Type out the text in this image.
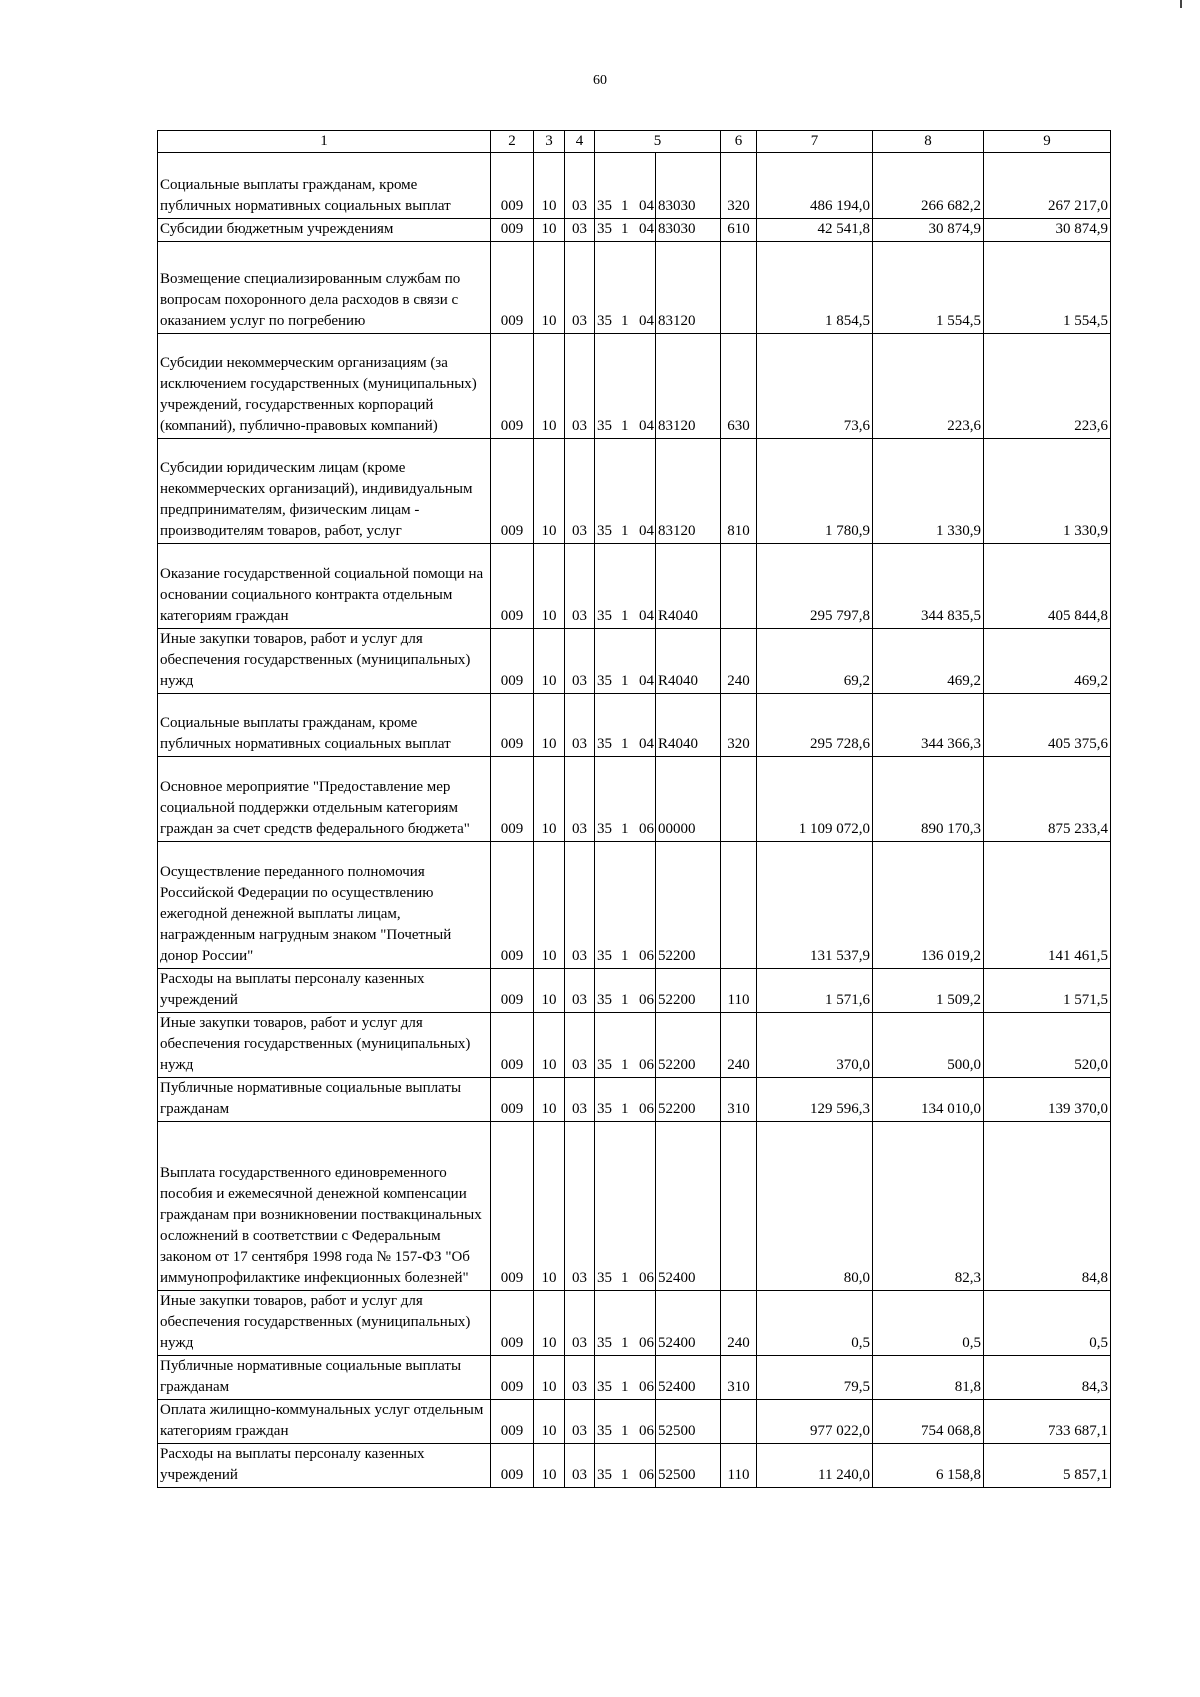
60
1	2	3	4	5		6	7	8	9
Социальные выплаты гражданам, кроме публичных нормативных социальных выплат	009	10	03	35 1 04	83030	320	486 194,0	266 682,2	267 217,0
Субсидии бюджетным учреждениям	009	10	03	35 1 04	83030	610	42 541,8	30 874,9	30 874,9
Возмещение специализированным службам по вопросам похоронного дела расходов в связи с оказанием услуг по погребению	009	10	03	35 1 04	83120		1 854,5	1 554,5	1 554,5
Субсидии некоммерческим организациям (за исключением государственных (муниципальных) учреждений, государственных корпораций (компаний), публично-правовых компаний)	009	10	03	35 1 04	83120	630	73,6	223,6	223,6
Субсидии юридическим лицам (кроме некоммерческих организаций), индивидуальным предпринимателям, физическим лицам - производителям товаров, работ, услуг	009	10	03	35 1 04	83120	810	1 780,9	1 330,9	1 330,9
Оказание государственной социальной помощи на основании социального контракта отдельным категориям граждан	009	10	03	35 1 04	R4040		295 797,8	344 835,5	405 844,8
Иные закупки товаров, работ и услуг для обеспечения государственных (муниципальных) нужд	009	10	03	35 1 04	R4040	240	69,2	469,2	469,2
Социальные выплаты гражданам, кроме публичных нормативных социальных выплат	009	10	03	35 1 04	R4040	320	295 728,6	344 366,3	405 375,6
Основное мероприятие "Предоставление мер социальной поддержки отдельным категориям граждан за счет средств федерального бюджета"	009	10	03	35 1 06	00000		1 109 072,0	890 170,3	875 233,4
Осуществление переданного полномочия Российской Федерации по осуществлению ежегодной денежной выплаты лицам, награжденным нагрудным знаком "Почетный донор России"	009	10	03	35 1 06	52200		131 537,9	136 019,2	141 461,5
Расходы на выплаты персоналу казенных учреждений	009	10	03	35 1 06	52200	110	1 571,6	1 509,2	1 571,5
Иные закупки товаров, работ и услуг для обеспечения государственных (муниципальных) нужд	009	10	03	35 1 06	52200	240	370,0	500,0	520,0
Публичные нормативные социальные выплаты гражданам	009	10	03	35 1 06	52200	310	129 596,3	134 010,0	139 370,0
Выплата государственного единовременного пособия и ежемесячной денежной компенсации гражданам при возникновении поствакцинальных осложнений в соответствии с Федеральным законом от 17 сентября 1998 года № 157-ФЗ "Об иммунопрофилактике инфекционных болезней"	009	10	03	35 1 06	52400		80,0	82,3	84,8
Иные закупки товаров, работ и услуг для обеспечения государственных (муниципальных) нужд	009	10	03	35 1 06	52400	240	0,5	0,5	0,5
Публичные нормативные социальные выплаты гражданам	009	10	03	35 1 06	52400	310	79,5	81,8	84,3
Оплата жилищно-коммунальных услуг отдельным категориям граждан	009	10	03	35 1 06	52500		977 022,0	754 068,8	733 687,1
Расходы на выплаты персоналу казенных учреждений	009	10	03	35 1 06	52500	110	11 240,0	6 158,8	5 857,1
